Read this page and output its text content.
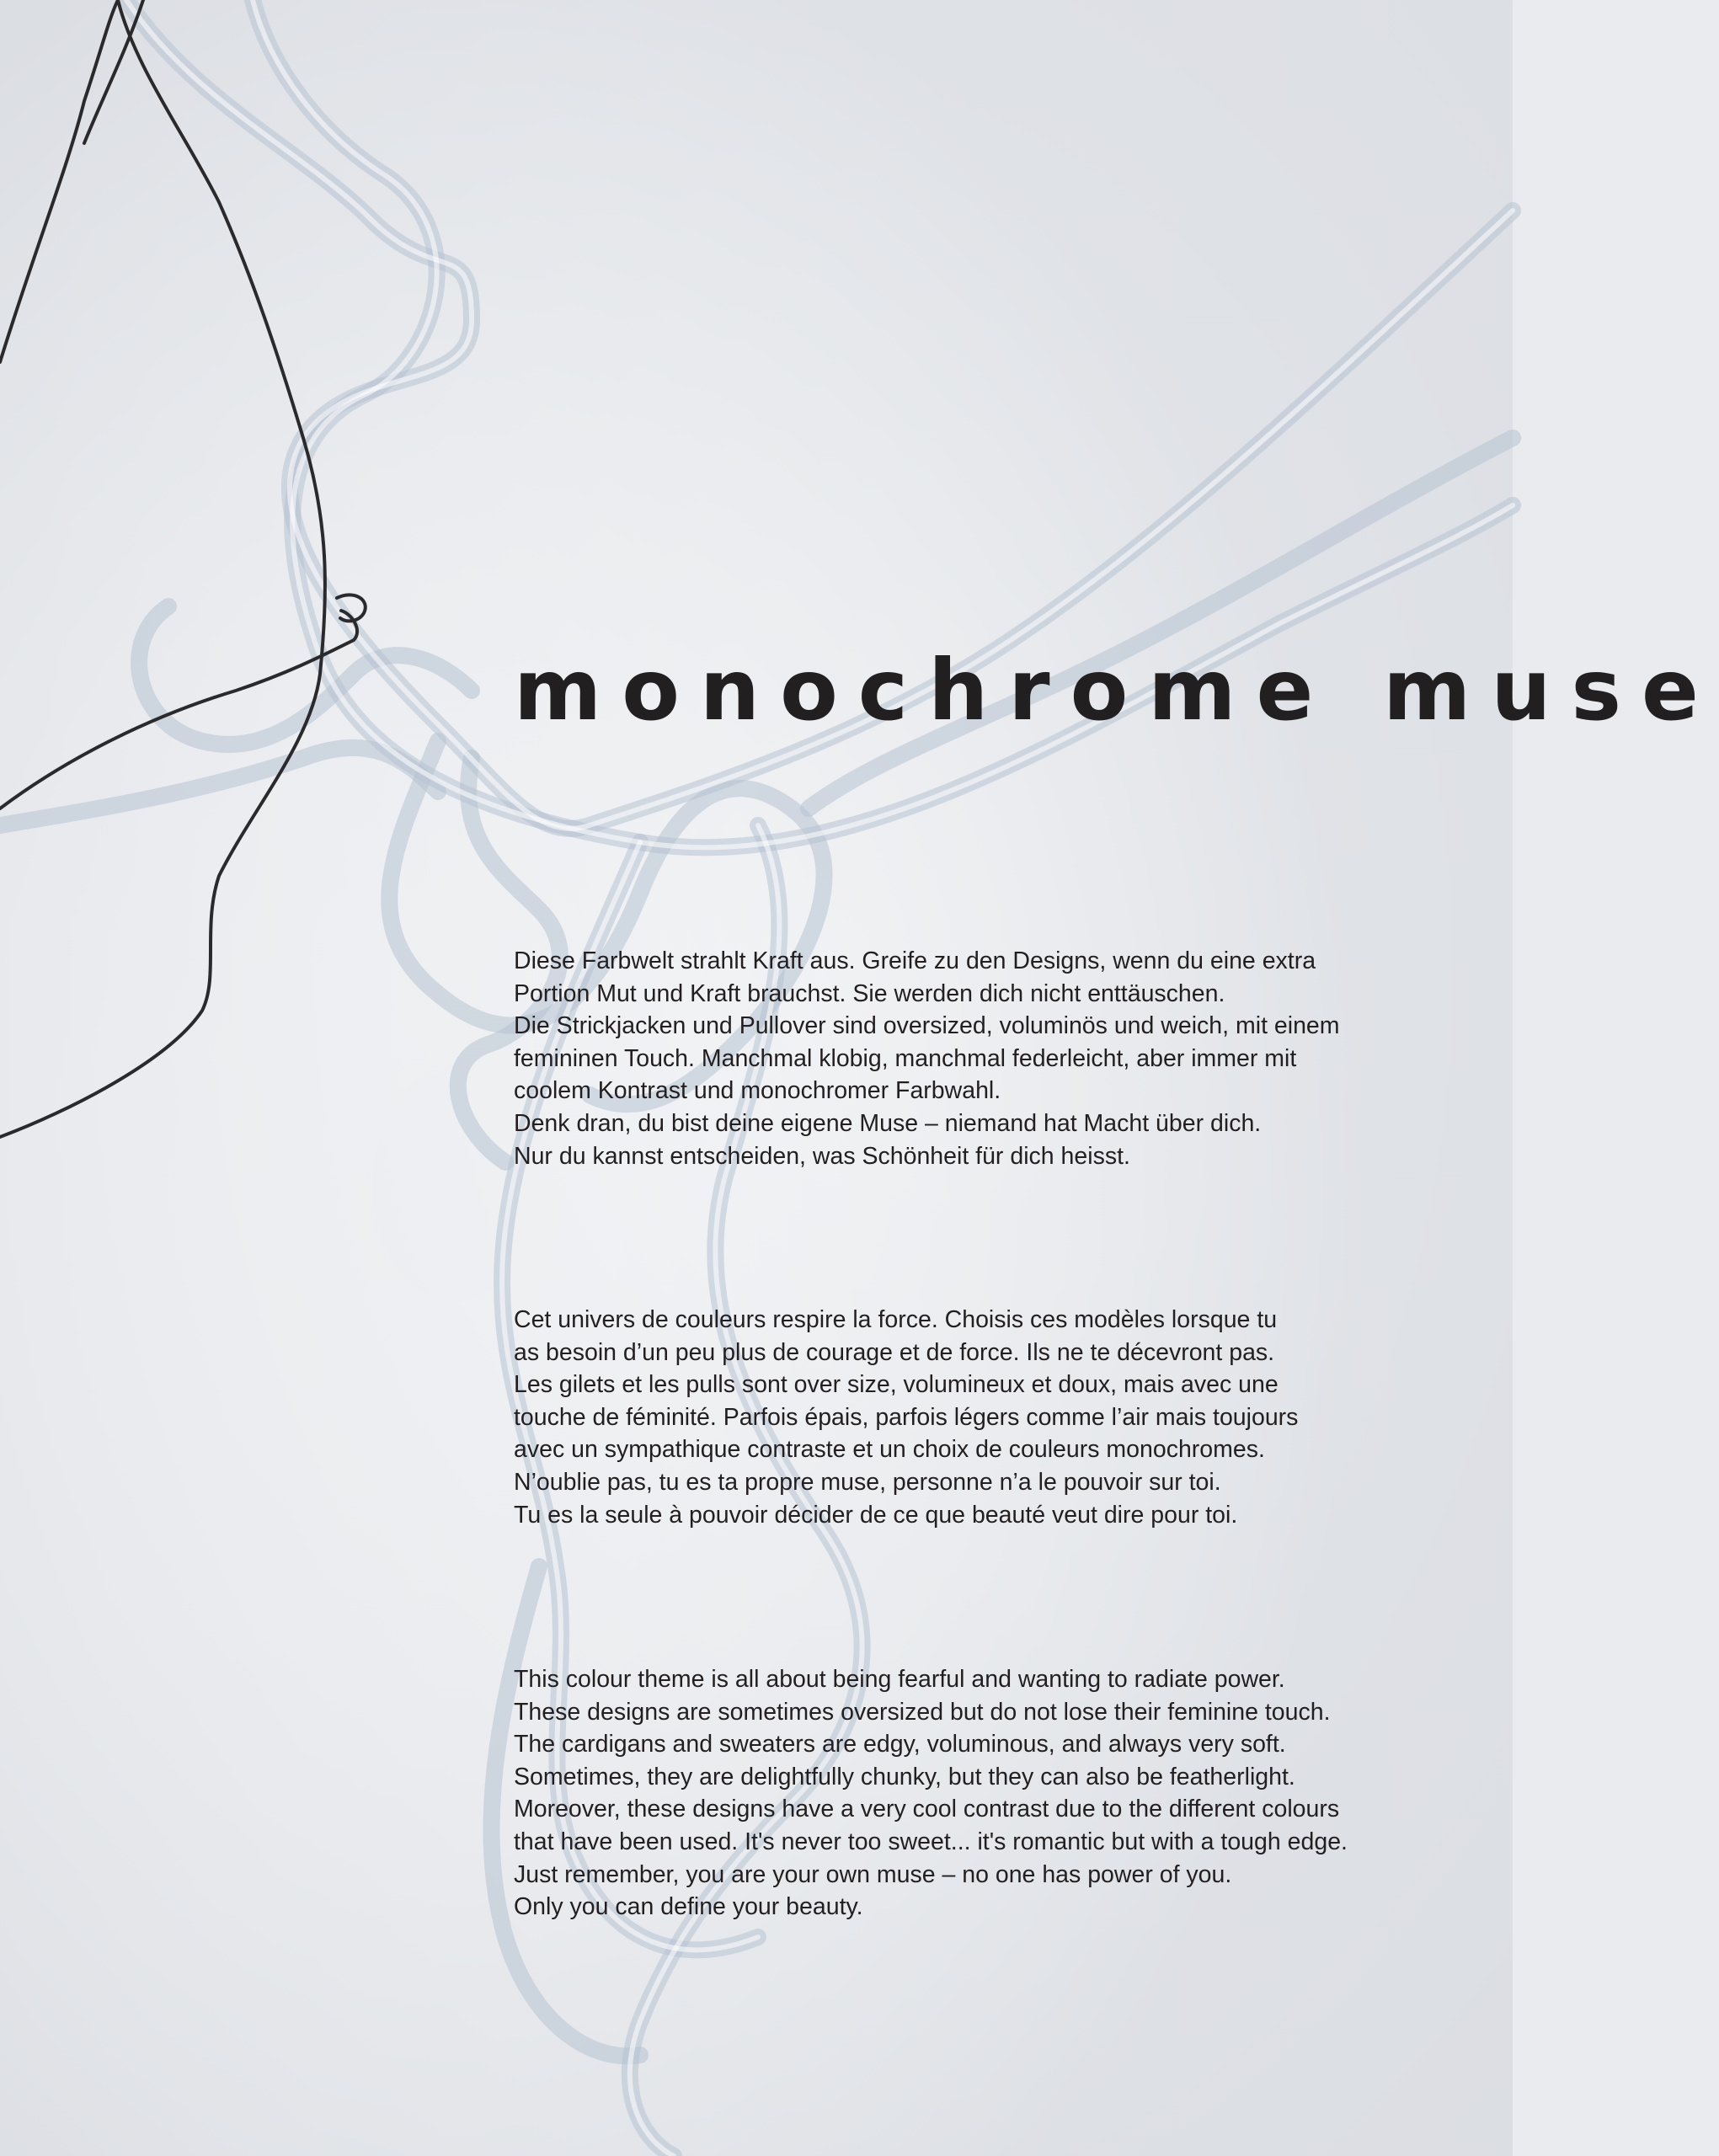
monochrome muse

Diese Farbwelt strahlt Kraft aus. Greife zu den Designs, wenn du eine extra
Portion Mut und Kraft brauchst. Sie werden dich nicht enttäuschen.
Die Strickjacken und Pullover sind oversized, voluminös und weich, mit einem
femininen Touch. Manchmal klobig, manchmal federleicht, aber immer mit
coolem Kontrast und monochromer Farbwahl.
Denk dran, du bist deine eigene Muse – niemand hat Macht über dich.
Nur du kannst entscheiden, was Schönheit für dich heisst.

Cet univers de couleurs respire la force. Choisis ces modèles lorsque tu
as besoin d’un peu plus de courage et de force. Ils ne te décevront pas.
Les gilets et les pulls sont over size, volumineux et doux, mais avec une
touche de féminité. Parfois épais, parfois légers comme l’air mais toujours
avec un sympathique contraste et un choix de couleurs monochromes.
N’oublie pas, tu es ta propre muse, personne n’a le pouvoir sur toi.
Tu es la seule à pouvoir décider de ce que beauté veut dire pour toi.

This colour theme is all about being fearful and wanting to radiate power.
These designs are sometimes oversized but do not lose their feminine touch.
The cardigans and sweaters are edgy, voluminous, and always very soft.
Sometimes, they are delightfully chunky, but they can also be featherlight.
Moreover, these designs have a very cool contrast due to the different colours
that have been used. It's never too sweet... it's romantic but with a tough edge.
Just remember, you are your own muse – no one has power of you.
Only you can define your beauty.
